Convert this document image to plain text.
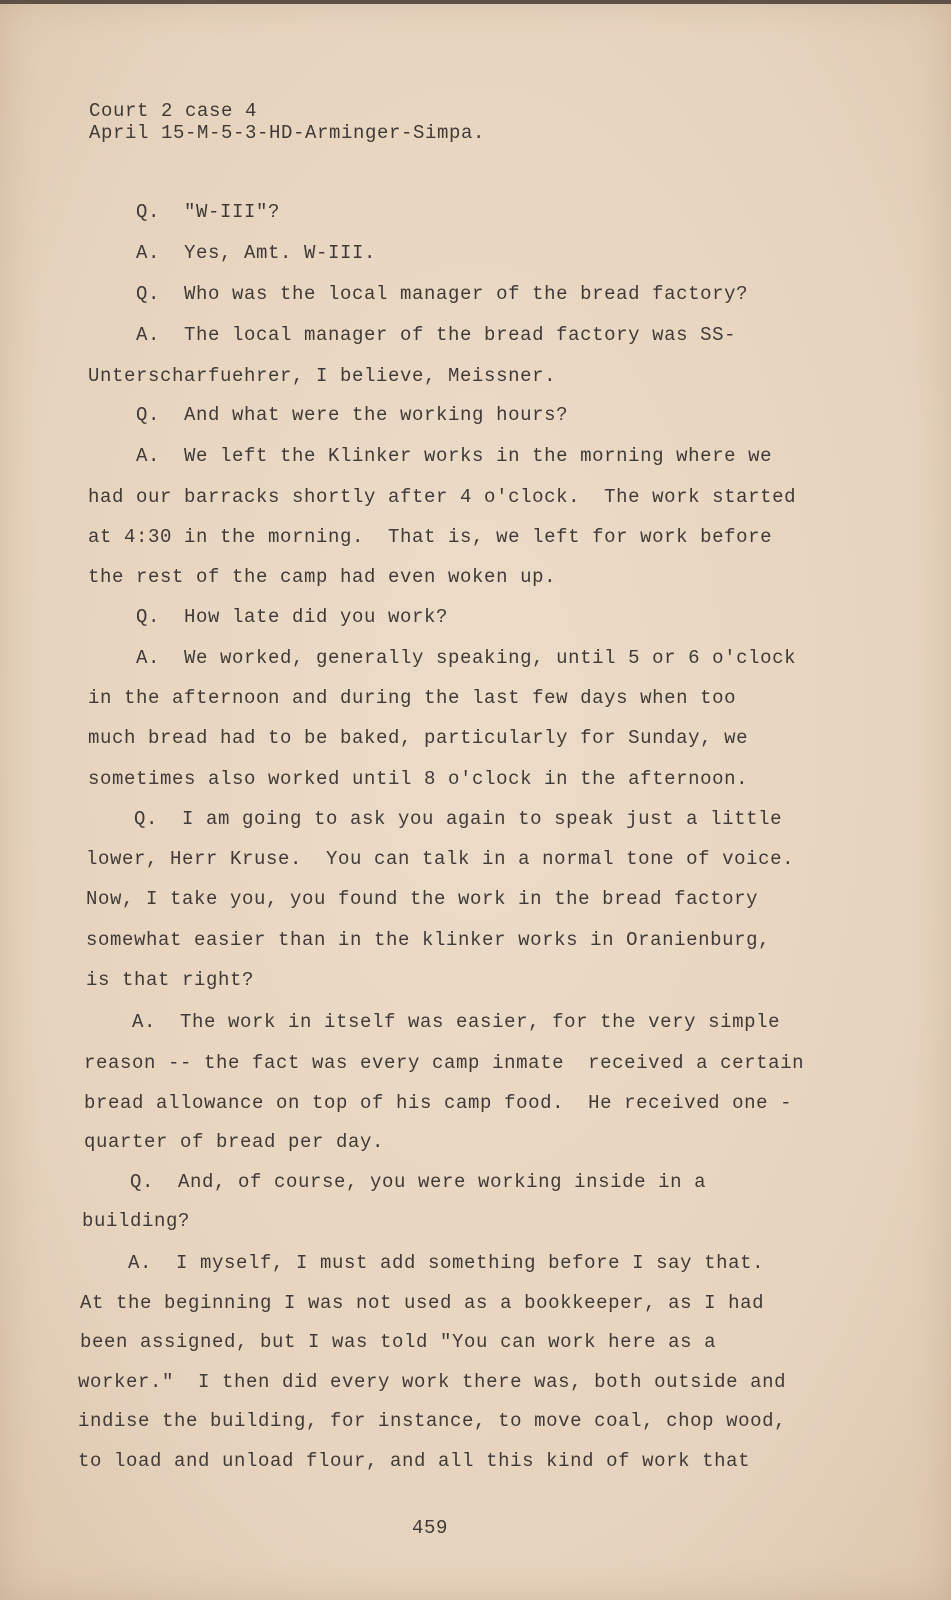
Court 2 case 4
April 15-M-5-3-HD-Arminger-Simpa.
Q.  "W-III"?
A.  Yes, Amt. W-III.
Q.  Who was the local manager of the bread factory?
A.  The local manager of the bread factory was SS-
Unterscharfuehrer, I believe, Meissner.
Q.  And what were the working hours?
A.  We left the Klinker works in the morning where we
had our barracks shortly after 4 o'clock.  The work started
at 4:30 in the morning.  That is, we left for work before
the rest of the camp had even woken up.
Q.  How late did you work?
A.  We worked, generally speaking, until 5 or 6 o'clock
in the afternoon and during the last few days when too
much bread had to be baked, particularly for Sunday, we
sometimes also worked until 8 o'clock in the afternoon.
Q.  I am going to ask you again to speak just a little
lower, Herr Kruse.  You can talk in a normal tone of voice.
Now, I take you, you found the work in the bread factory
somewhat easier than in the klinker works in Oranienburg,
is that right?
A.  The work in itself was easier, for the very simple
reason -- the fact was every camp inmate  received a certain
bread allowance on top of his camp food.  He received one -
quarter of bread per day.
Q.  And, of course, you were working inside in a
building?
A.  I myself, I must add something before I say that.
At the beginning I was not used as a bookkeeper, as I had
been assigned, but I was told "You can work here as a
worker."  I then did every work there was, both outside and
indise the building, for instance, to move coal, chop wood,
to load and unload flour, and all this kind of work that
459
